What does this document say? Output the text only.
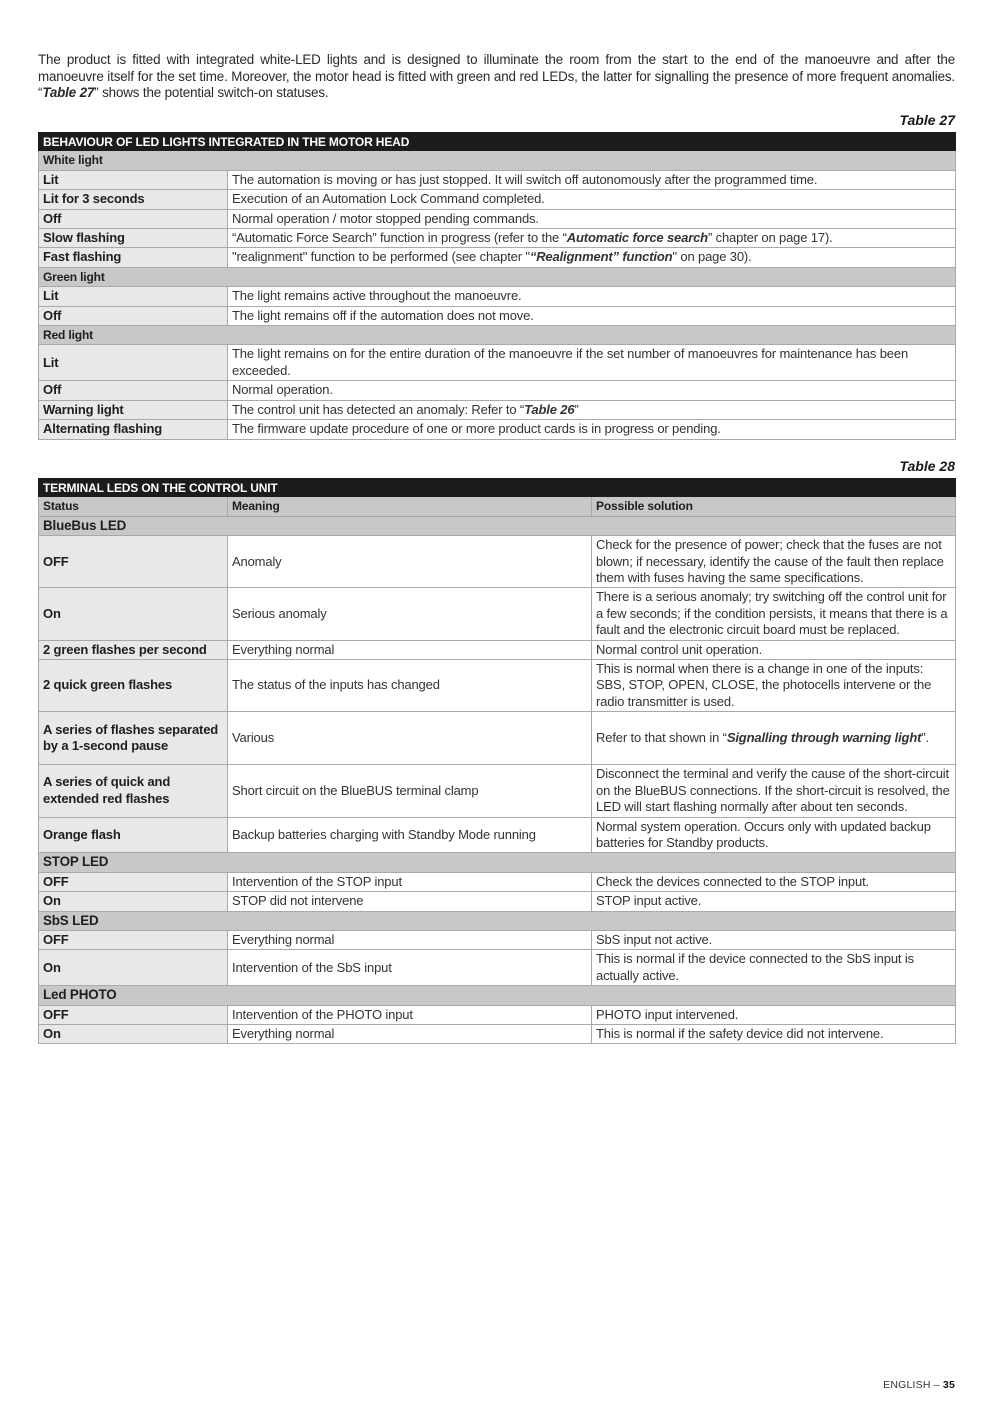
The product is fitted with integrated white-LED lights and is designed to illuminate the room from the start to the end of the manoeuvre and after the manoeuvre itself for the set time. Moreover, the motor head is fitted with green and red LEDs, the latter for signalling the presence of more frequent anomalies. “Table 27” shows the potential switch-on statuses.

Table 27
BEHAVIOUR OF LED LIGHTS INTEGRATED IN THE MOTOR HEAD	
White light	
Lit	The automation is moving or has just stopped. It will switch off autonomously after the programmed time.
Lit for 3 seconds	Execution of an Automation Lock Command completed.
Off	Normal operation / motor stopped pending commands.
Slow flashing	“Automatic Force Search” function in progress (refer to the “Automatic force search” chapter on page 17).
Fast flashing	"realignment" function to be performed (see chapter "“Realignment” function" on page 30).
Green light	
Lit	The light remains active throughout the manoeuvre.
Off	The light remains off if the automation does not move.
Red light	
Lit	The light remains on for the entire duration of the manoeuvre if the set number of manoeuvres for maintenance has been exceeded.
Off	Normal operation.
Warning light	The control unit has detected an anomaly: Refer to “Table 26”
Alternating flashing	The firmware update procedure of one or more product cards is in progress or pending.
Table 28
TERMINAL LEDS ON THE CONTROL UNIT		
Status	Meaning	Possible solution
BlueBus LED		
OFF	Anomaly	Check for the presence of power; check that the fuses are not blown; if necessary, identify the cause of the fault then replace them with fuses having the same specifications.
On	Serious anomaly	There is a serious anomaly; try switching off the control unit for a few seconds; if the condition persists, it means that there is a fault and the electronic circuit board must be replaced.
2 green flashes per second	Everything normal	Normal control unit operation.
2 quick green flashes	The status of the inputs has changed	This is normal when there is a change in one of the inputs: SBS, STOP, OPEN, CLOSE, the photocells intervene or the radio transmitter is used.
A series of flashes separated by a 1-second pause	Various	Refer to that shown in “Signalling through warning light”.
A series of quick and extended red flashes	Short circuit on the BlueBUS terminal clamp	Disconnect the terminal and verify the cause of the short-circuit on the BlueBUS connections. If the short-circuit is resolved, the LED will start flashing normally after about ten seconds.
Orange flash	Backup batteries charging with Standby Mode running	Normal system operation. Occurs only with updated backup batteries for Standby products.
STOP LED		
OFF	Intervention of the STOP input	Check the devices connected to the STOP input.
On	STOP did not intervene	STOP input active.
SbS LED		
OFF	Everything normal	SbS input not active.
On	Intervention of the SbS input	This is normal if the device connected to the SbS input is actually active.
Led PHOTO		
OFF	Intervention of the PHOTO input	PHOTO input intervened.
On	Everything normal	This is normal if the safety device did not intervene.
ENGLISH – 35
